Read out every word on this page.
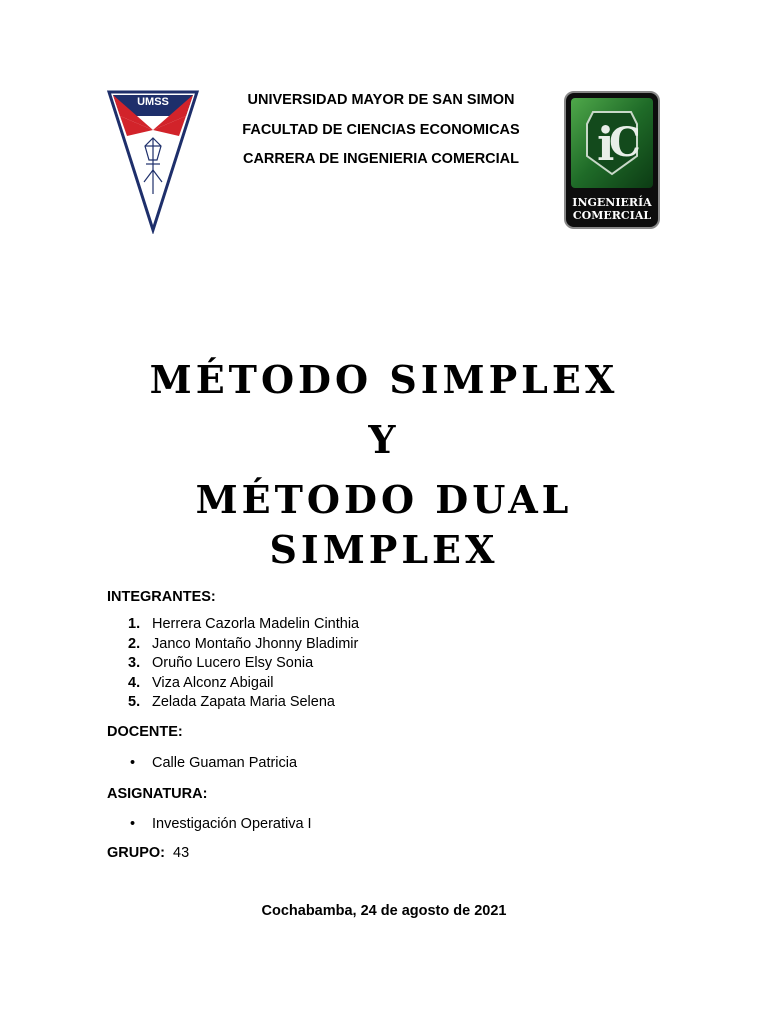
UMSS	UNIVERSIDAD MAYOR DE SAN SIMON
FACULTAD DE CIENCIAS ECONOMICAS
CARRERA DE INGENIERIA COMERCIAL	i
C
INGENIERÍA
COMERCIAL
MÉTODO SIMPLEX
Y
MÉTODO DUAL
SIMPLEX
INTEGRANTES:
1. Herrera Cazorla Madelin Cinthia
2. Janco Montaño Jhonny Bladimir
3. Oruño Lucero Elsy Sonia
4. Viza Alconz Abigail
5. Zelada Zapata Maria Selena
DOCENTE:
• Calle Guaman Patricia
ASIGNATURA:
• Investigación Operativa I
GRUPO: 43
Cochabamba, 24 de agosto de 2021
